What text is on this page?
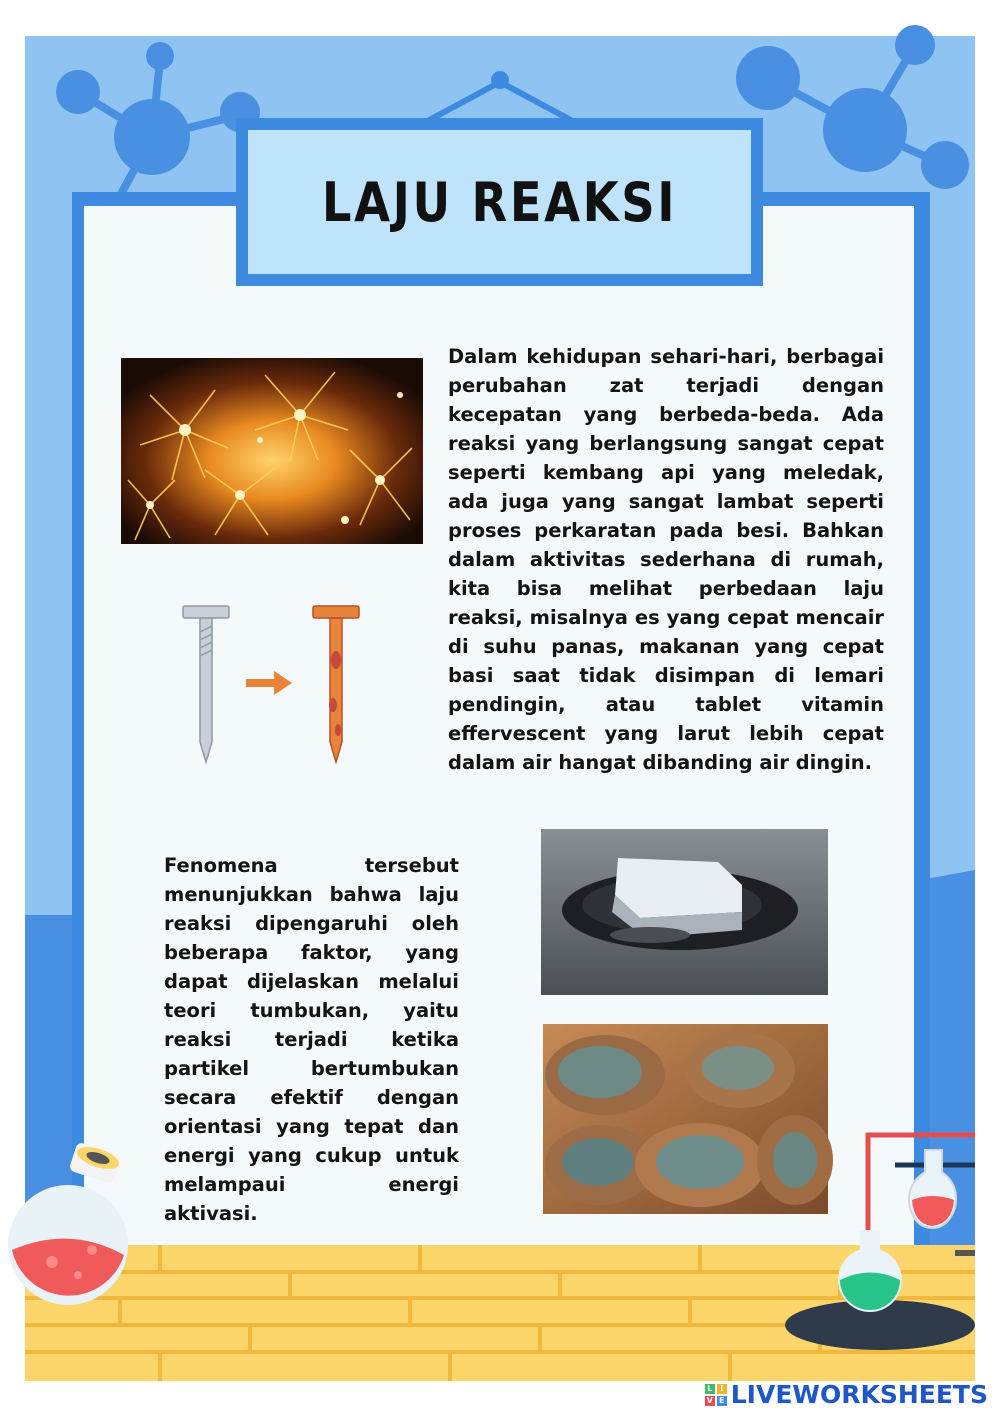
LAJU REAKSI

Dalam kehidupan sehari-hari, berbagai perubahan zat terjadi dengan kecepatan yang berbeda-beda. Ada reaksi yang berlangsung sangat cepat seperti kembang api yang meledak, ada juga yang sangat lambat seperti proses perkaratan pada besi. Bahkan dalam aktivitas sederhana di rumah, kita bisa melihat perbedaan laju reaksi, misalnya es yang cepat mencair di suhu panas, makanan yang cepat basi saat tidak disimpan di lemari pendingin, atau tablet vitamin effervescent yang larut lebih cepat dalam air hangat dibanding air dingin.

Fenomena tersebut menunjukkan bahwa laju reaksi dipengaruhi oleh beberapa faktor, yang dapat dijelaskan melalui teori tumbukan, yaitu reaksi terjadi ketika partikel bertumbukan secara efektif dengan orientasi yang tepat dan energi yang cukup untuk melampaui energi aktivasi.

L I
V E LIVEWORKSHEETS
